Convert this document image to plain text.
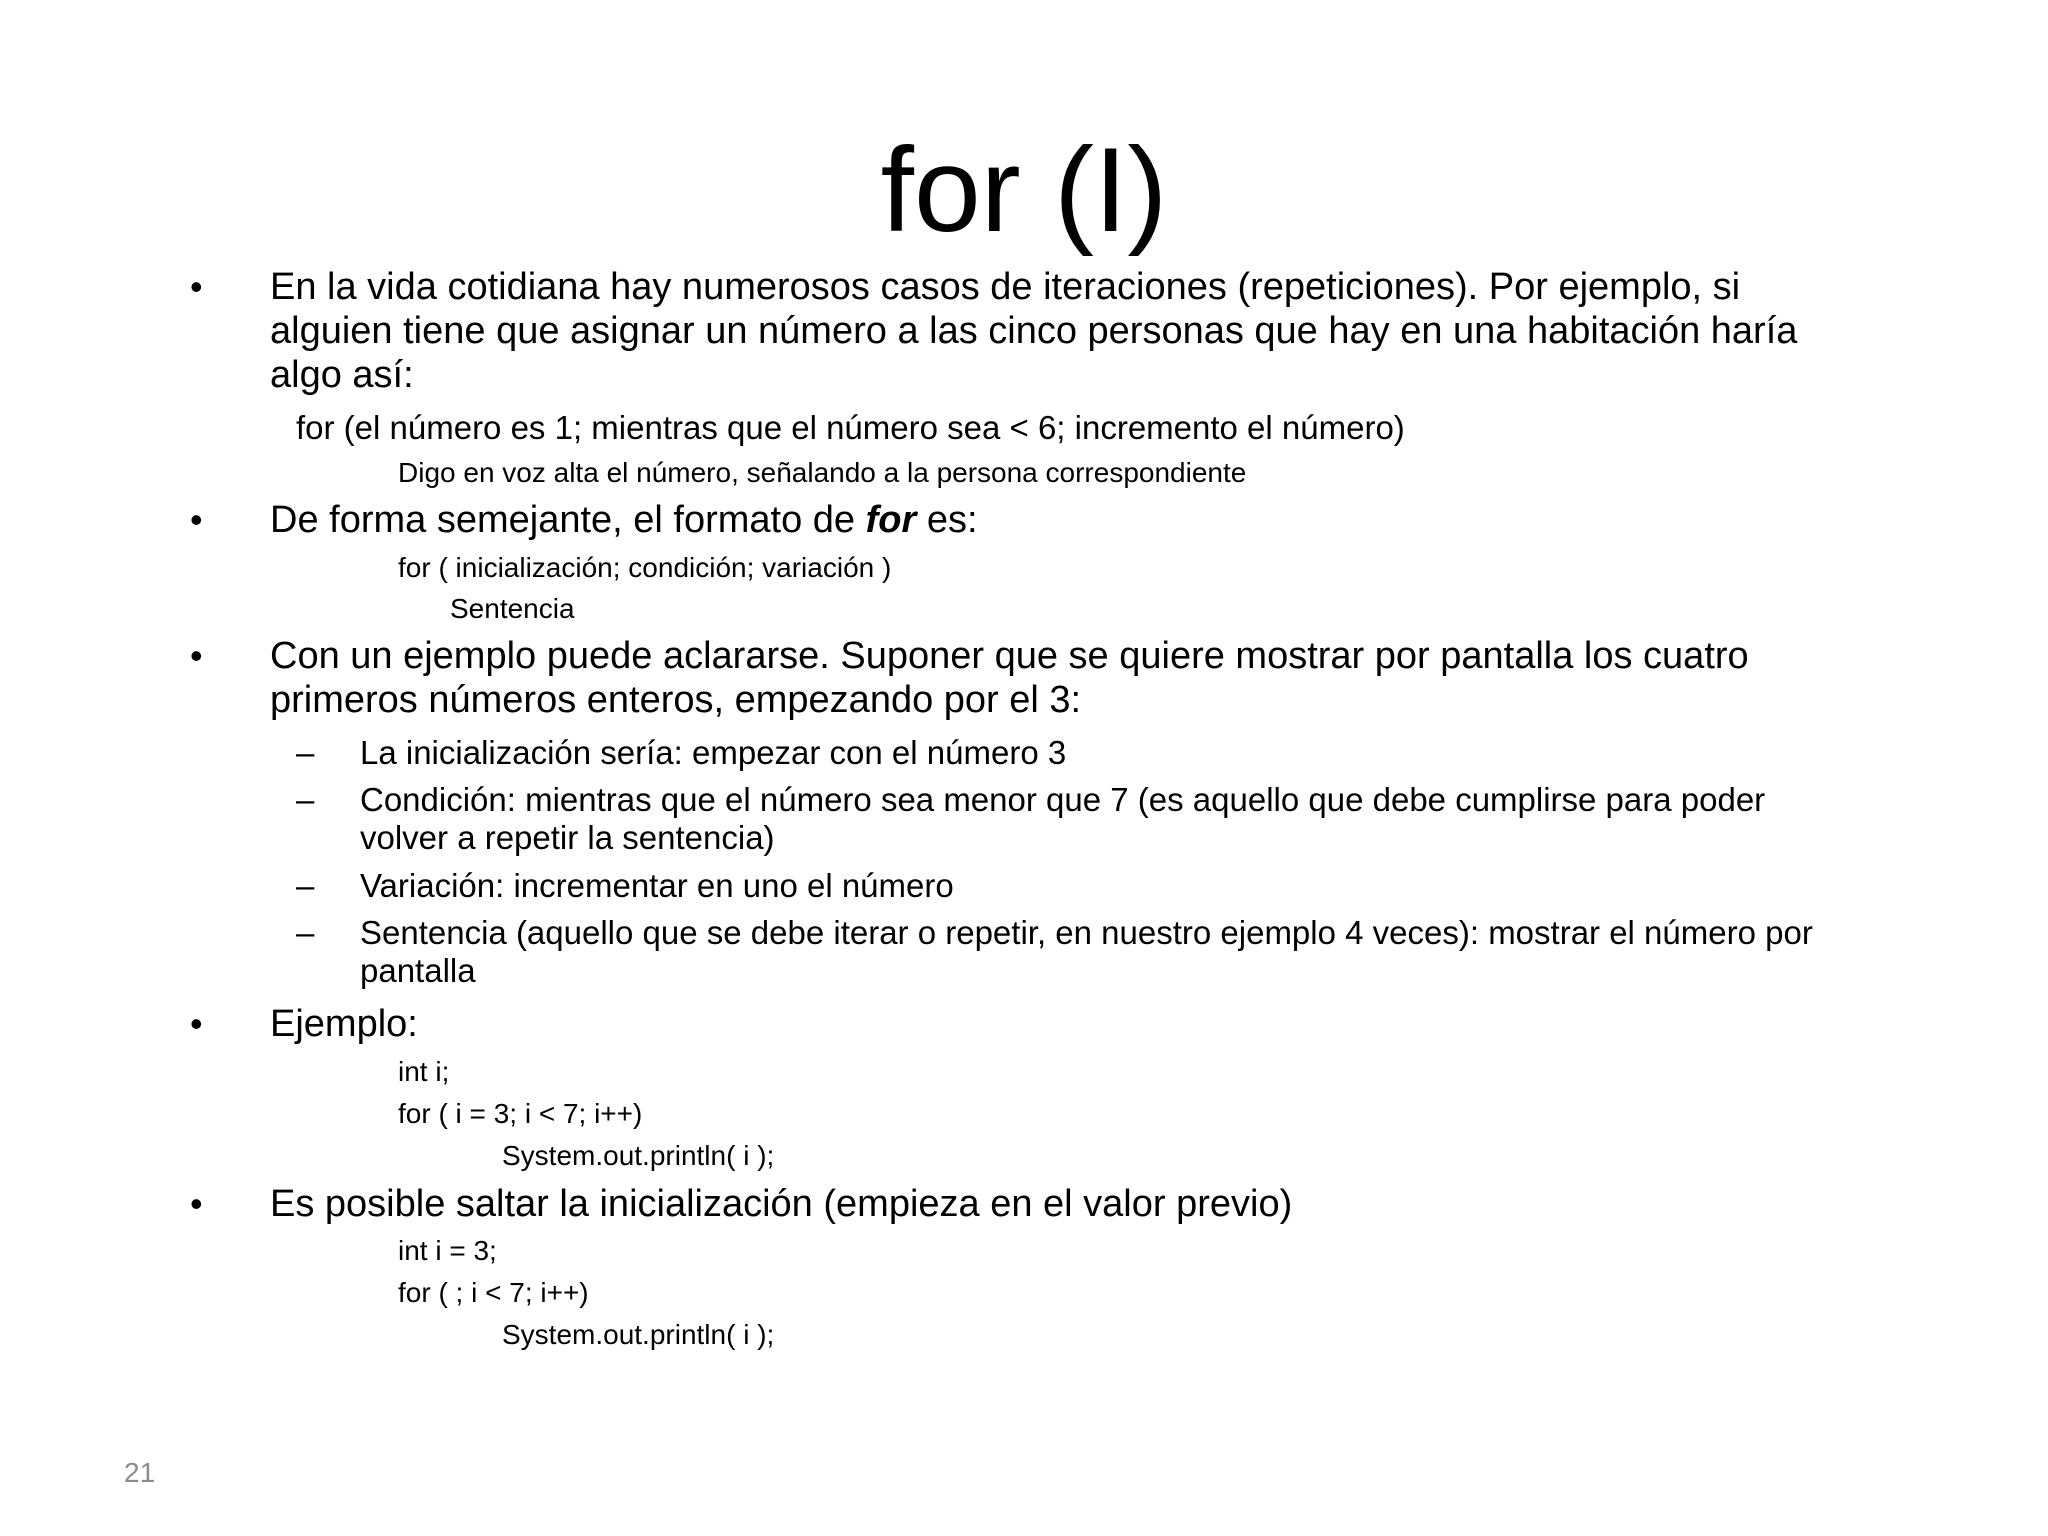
for (I)
• En la vida cotidiana hay numerosos casos de iteraciones (repeticiones). Por ejemplo, si
alguien tiene que asignar un número a las cinco personas que hay en una habitación haría
algo así:
for (el número es 1; mientras que el número sea < 6; incremento el número)
Digo en voz alta el número, señalando a la persona correspondiente
• De forma semejante, el formato de for es:
for ( inicialización; condición; variación )
Sentencia
• Con un ejemplo puede aclararse. Suponer que se quiere mostrar por pantalla los cuatro
primeros números enteros, empezando por el 3:
– La inicialización sería: empezar con el número 3
– Condición: mientras que el número sea menor que 7 (es aquello que debe cumplirse para poder
volver a repetir la sentencia)
– Variación: incrementar en uno el número
– Sentencia (aquello que se debe iterar o repetir, en nuestro ejemplo 4 veces): mostrar el número por
pantalla
• Ejemplo:
int i;
for ( i = 3; i < 7; i++)
System.out.println( i );
• Es posible saltar la inicialización (empieza en el valor previo)
int i = 3;
for ( ; i < 7; i++)
System.out.println( i );
21
